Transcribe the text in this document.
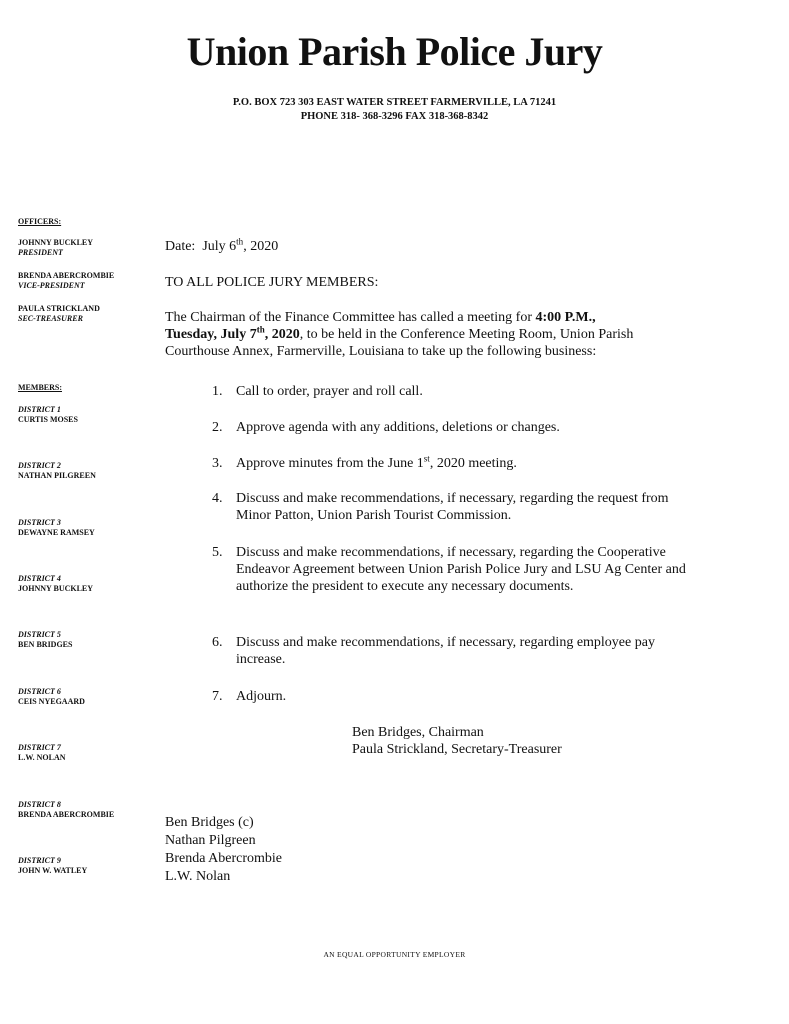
Union Parish Police Jury
P.O. BOX 723 303 EAST WATER STREET FARMERVILLE, LA 71241
PHONE 318- 368-3296 FAX 318-368-8342
OFFICERS:
JOHNNY BUCKLEY
PRESIDENT
BRENDA ABERCROMBIE
VICE-PRESIDENT
PAULA STRICKLAND
SEC-TREASURER
MEMBERS:
DISTRICT 1
CURTIS MOSES
DISTRICT 2
NATHAN PILGREEN
DISTRICT 3
DEWAYNE RAMSEY
DISTRICT 4
JOHNNY BUCKLEY
DISTRICT 5
BEN BRIDGES
DISTRICT 6
CEIS NYEGAARD
DISTRICT 7
L.W. NOLAN
DISTRICT 8
BRENDA ABERCROMBIE
DISTRICT 9
JOHN W. WATLEY
Date: July 6th, 2020
TO ALL POLICE JURY MEMBERS:
The Chairman of the Finance Committee has called a meeting for 4:00 P.M.,
Tuesday, July 7th, 2020, to be held in the Conference Meeting Room, Union Parish
Courthouse Annex, Farmerville, Louisiana to take up the following business:
1. Call to order, prayer and roll call.
2. Approve agenda with any additions, deletions or changes.
3. Approve minutes from the June 1st, 2020 meeting.
4. Discuss and make recommendations, if necessary, regarding the request from Minor Patton, Union Parish Tourist Commission.
5. Discuss and make recommendations, if necessary, regarding the Cooperative Endeavor Agreement between Union Parish Police Jury and LSU Ag Center and authorize the president to execute any necessary documents.
6. Discuss and make recommendations, if necessary, regarding employee pay increase.
7. Adjourn.
Ben Bridges, Chairman
Paula Strickland, Secretary-Treasurer
Ben Bridges (c)
Nathan Pilgreen
Brenda Abercrombie
L.W. Nolan
AN EQUAL OPPORTUNITY EMPLOYER
